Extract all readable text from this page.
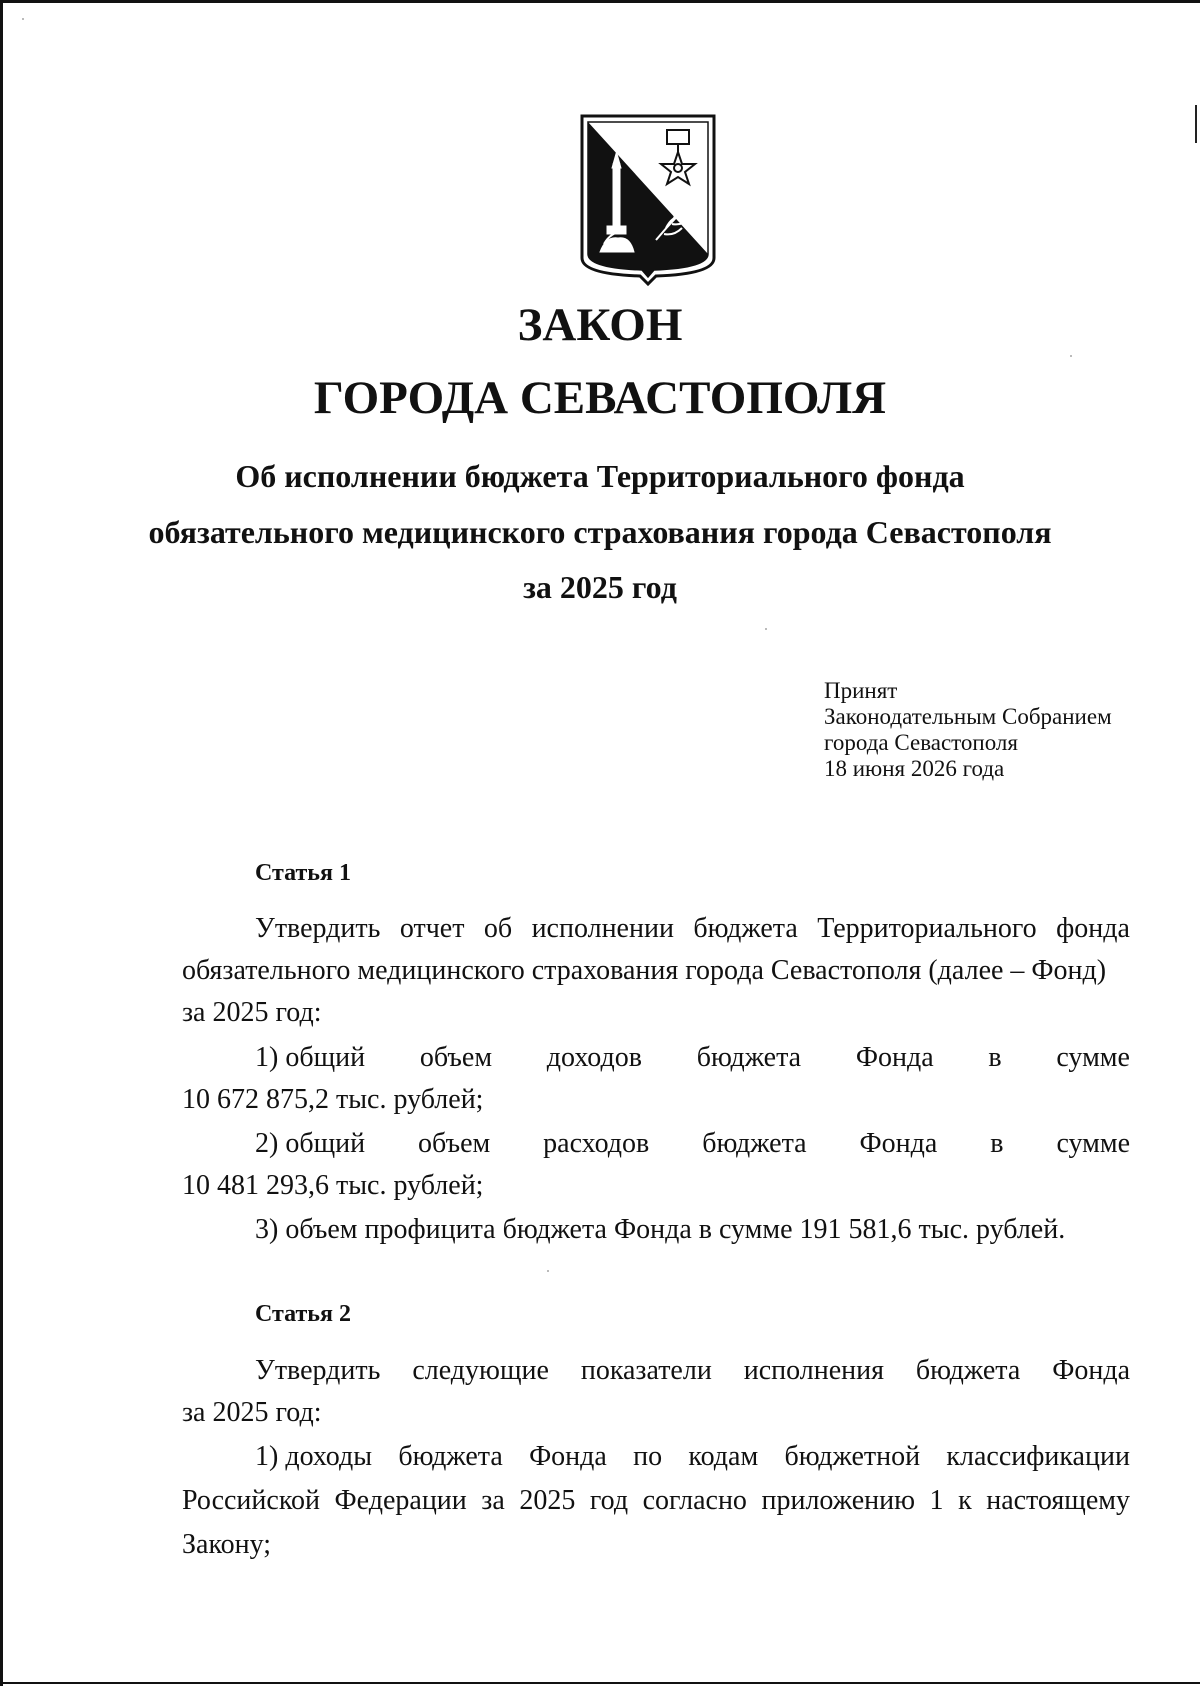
ЗАКОН
ГОРОДА СЕВАСТОПОЛЯ
Об исполнении бюджета Территориального фонда
обязательного медицинского страхования города Севастополя
за 2025 год
Принят
Законодательным Собранием
города Севастополя
18 июня 2026 года
Статья 1
Утвердить отчет об исполнении бюджета Территориального фонда
обязательного медицинского страхования города Севастополя (далее – Фонд)
за 2025 год:
1) общий объем доходов бюджета Фонда в сумме
10 672 875,2 тыс. рублей;
2) общий объем расходов бюджета Фонда в сумме
10 481 293,6 тыс. рублей;
3) объем профицита бюджета Фонда в сумме 191 581,6 тыс. рублей.
Статья 2
Утвердить следующие показатели исполнения бюджета Фонда
за 2025 год:
1) доходы бюджета Фонда по кодам бюджетной классификации
Российской Федерации за 2025 год согласно приложению 1 к настоящему
Закону;
